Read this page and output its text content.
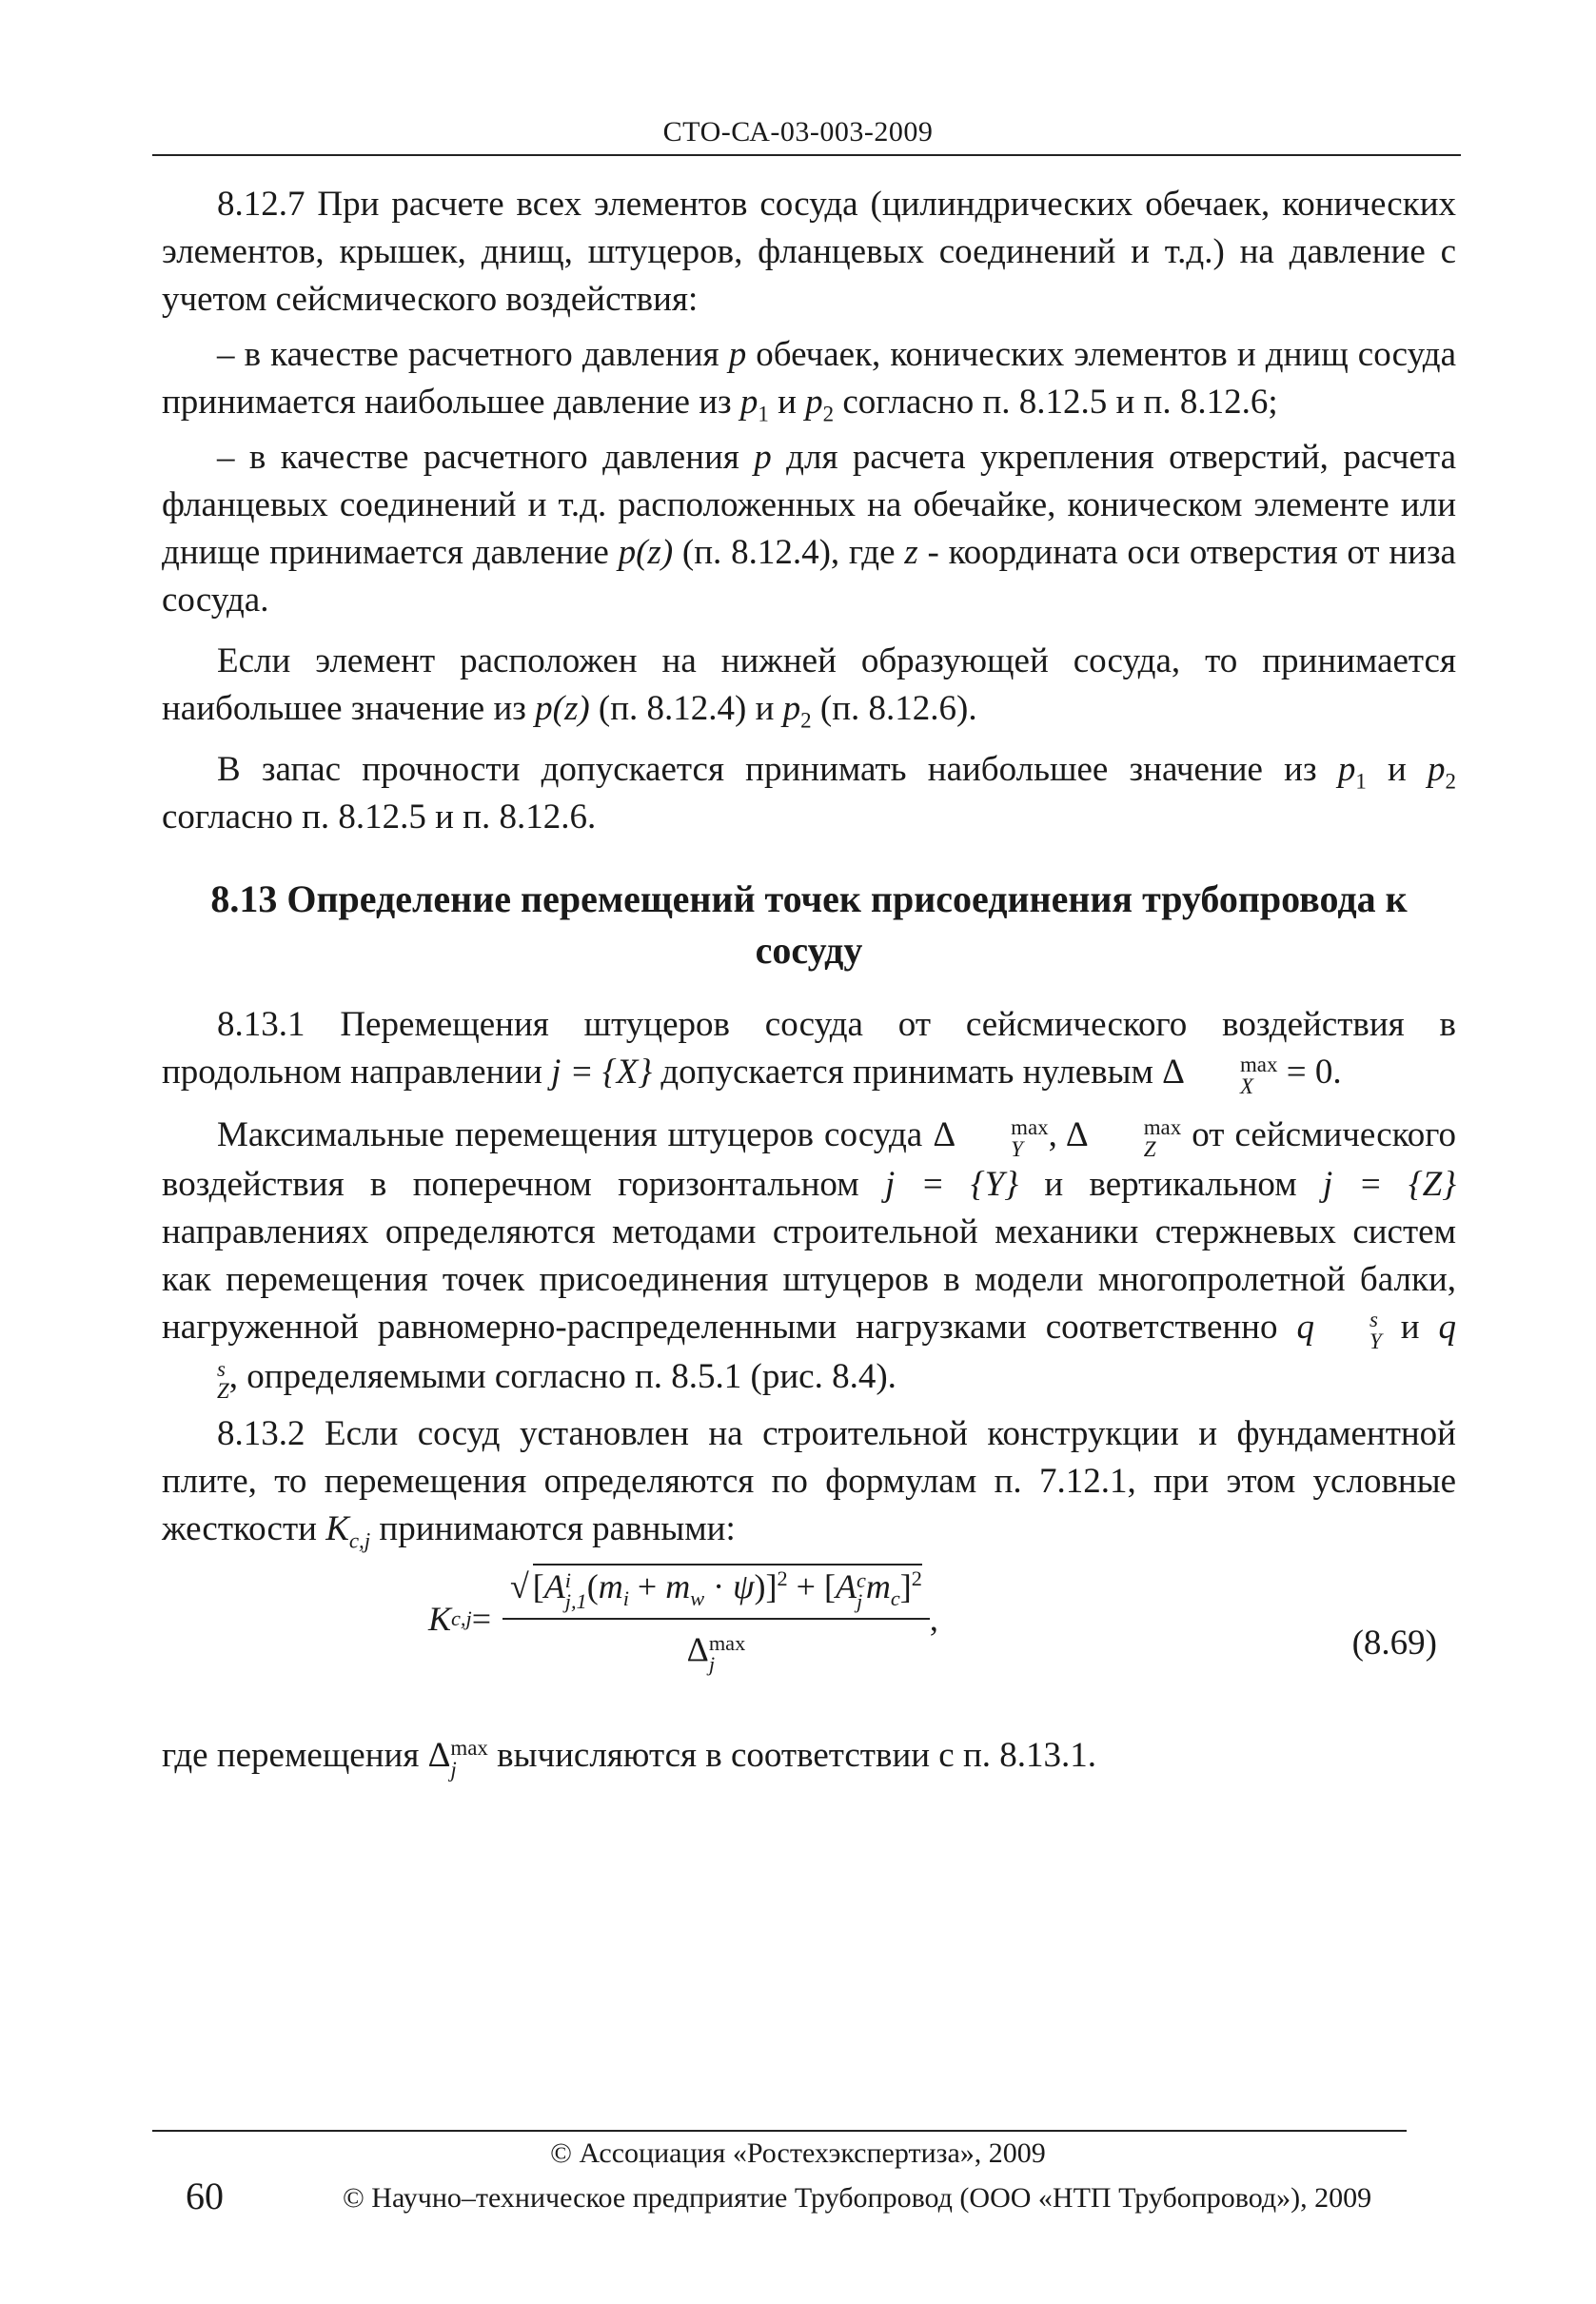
СТО-СА-03-003-2009

8.12.7 При расчете всех элементов сосуда (цилиндрических обечаек, конических элементов, крышек, днищ, штуцеров, фланцевых соединений и т.д.) на давление с учетом сейсмического воздействия:

– в качестве расчетного давления p обечаек, конических элементов и днищ сосуда принимается наибольшее давление из $p_1$ и $p_2$ согласно п. 8.12.5 и п. 8.12.6;

– в качестве расчетного давления p для расчета укрепления отверстий, расчета фланцевых соединений и т.д. расположенных на обечайке, коническом элементе или днище принимается давление p(z) (п. 8.12.4), где z - координата оси отверстия от низа сосуда.

Если элемент расположен на нижней образующей сосуда, то принимается наибольшее значение из p(z) (п. 8.12.4) и $p_2$ (п. 8.12.6).

В запас прочности допускается принимать наибольшее значение из $p_1$ и $p_2$ согласно п. 8.12.5 и п. 8.12.6.

8.13 Определение перемещений точек присоединения трубопровода к сосуду

8.13.1 Перемещения штуцеров сосуда от сейсмического воздействия в продольном направлении j = {X} допускается принимать нулевым Δ	max
X = 0.

Максимальные перемещения штуцеров сосуда Δ	max
Y , Δ	max
Z от сейсмического воздействия в поперечном горизонтальном j = {Y} и вертикальном j = {Z} направлениях определяются методами строительной механики стержневых систем как перемещения точек присоединения штуцеров в модели многопролетной балки, нагруженной равномерно-распределенными нагрузками соответственно q	s
Y и q
s
Z , определяемыми согласно п. 8.5.1 (рис. 8.4).

8.13.2 Если сосуд установлен на строительной конструкции и фундаментной плите, то перемещения определяются по формулам п. 7.12.1, при этом условные жесткости $K_{c,j}$ принимаются равными:

K c,j = √ [A i
j,1 $(m_i + m_w \cdot \psi)]^2 + [A$ c
j $m_c]^2$
Δ max
j ,
(8.69)

где перемещения Δ max
j вычисляются в соответствии с п. 8.13.1.

© Ассоциация «Ростехэкспертиза», 2009
60	© Научно–техническое предприятие Трубопровод (ООО «НТП Трубопровод»), 2009
